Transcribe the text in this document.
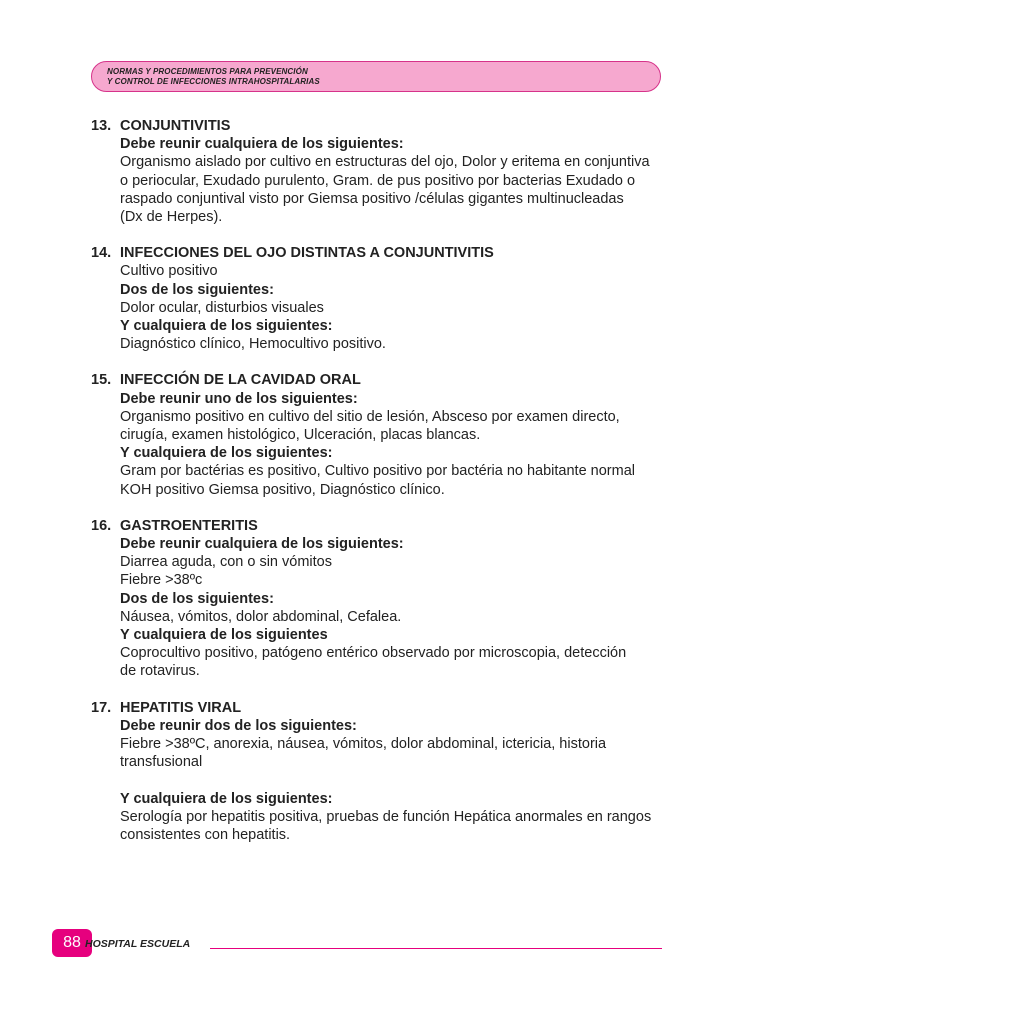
NORMAS Y PROCEDIMIENTOS PARA PREVENCIÓN
Y CONTROL DE INFECCIONES INTRAHOSPITALARIAS
13. CONJUNTIVITIS
Debe reunir cualquiera de los siguientes:
Organismo aislado por cultivo en estructuras del ojo, Dolor y eritema en conjuntiva
o periocular, Exudado purulento, Gram. de pus positivo por bacterias Exudado o
raspado conjuntival visto por Giemsa positivo /células gigantes multinucleadas
(Dx de Herpes).
14. INFECCIONES DEL OJO DISTINTAS A CONJUNTIVITIS
Cultivo positivo
Dos de los siguientes:
Dolor ocular, disturbios visuales
Y cualquiera de los siguientes:
Diagnóstico clínico, Hemocultivo positivo.
15. INFECCIÓN DE LA CAVIDAD ORAL
Debe reunir uno de los siguientes:
Organismo positivo en cultivo del sitio de lesión, Absceso por examen directo,
cirugía, examen histológico, Ulceración, placas blancas.
Y cualquiera de los siguientes:
Gram por bactérias es positivo, Cultivo positivo por bactéria no habitante normal
KOH positivo Giemsa positivo, Diagnóstico clínico.
16. GASTROENTERITIS
Debe reunir cualquiera de los siguientes:
Diarrea aguda, con o sin vómitos
Fiebre >38ºc
Dos de los siguientes:
Náusea, vómitos, dolor abdominal, Cefalea.
Y cualquiera de los siguientes
Coprocultivo positivo, patógeno entérico observado por microscopia, detección
de rotavirus.
17. HEPATITIS VIRAL
Debe reunir dos de los siguientes:
Fiebre >38ºC, anorexia, náusea, vómitos, dolor abdominal, ictericia, historia
transfusional
Y cualquiera de los siguientes:
Serología por hepatitis positiva, pruebas de función Hepática anormales en rangos
consistentes con hepatitis.
88 HOSPITAL ESCUELA
